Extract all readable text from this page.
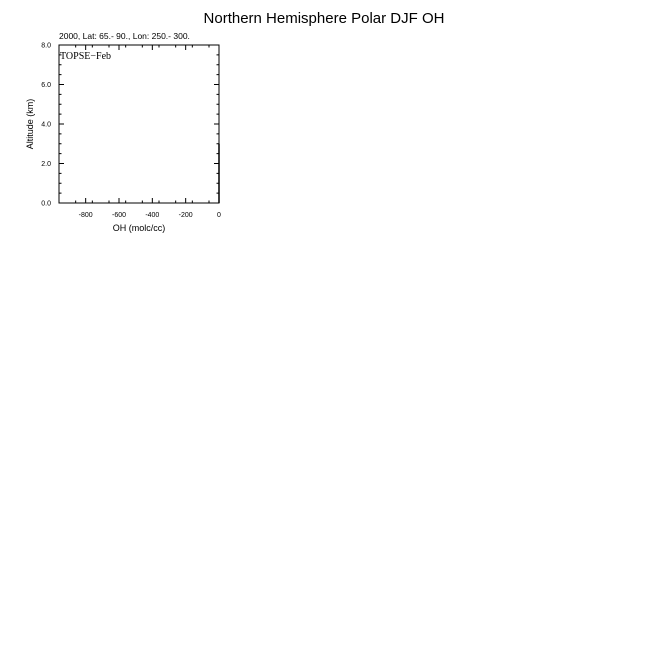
Northern Hemisphere Polar DJF OH
2000, Lat: 65.- 90., Lon: 250.- 300.
TOPSE−Feb
-800	-600	-400	-200	0
0.0
2.0
4.0
6.0
8.0
OH (molc/cc)
Altitude (km)
